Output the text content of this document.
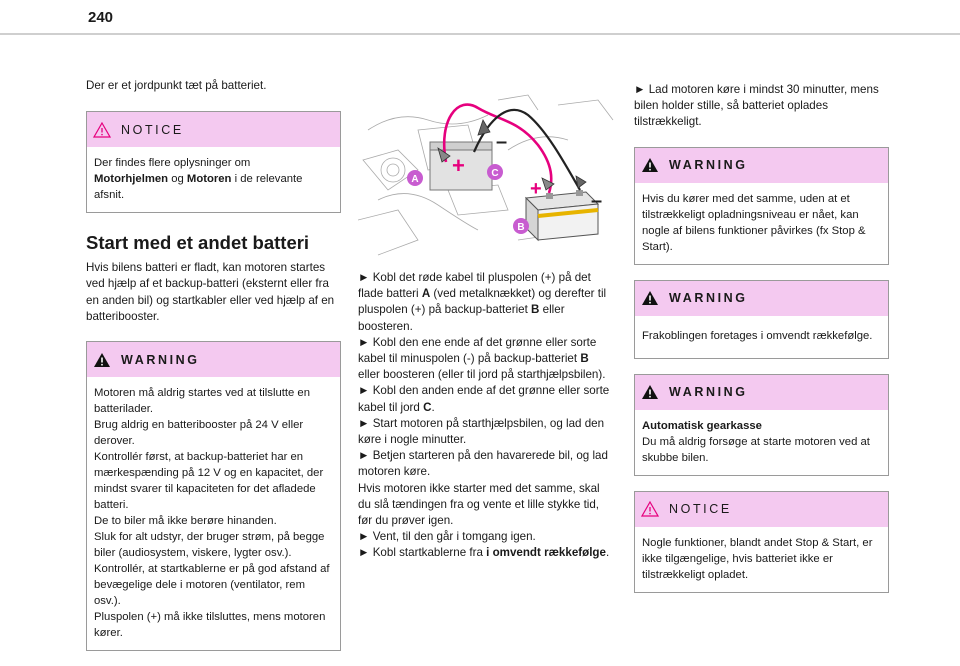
240

Der er et jordpunkt tæt på batteriet.

NOTICE

Der findes flere oplysninger om
Motorhjelmen og Motoren i de relevante afsnit.

Start med et andet batteri

Hvis bilens batteri er fladt, kan motoren startes ved hjælp af et backup-batteri (eksternt eller fra en anden bil) og startkabler eller ved hjælp af en batteribooster.

WARNING

Motoren må aldrig startes ved at tilslutte en batterilader.
Brug aldrig en batteribooster på 24 V eller derover.
Kontrollér først, at backup-batteriet har en mærkespænding på 12 V og en kapacitet, der mindst svarer til kapaciteten for det afladede batteri.
De to biler må ikke berøre hinanden.
Sluk for alt udstyr, der bruger strøm, på begge biler (audiosystem, viskere, lygter osv.).
Kontrollér, at startkablerne er på god afstand af bevægelige dele i motoren (ventilator, rem osv.).
Pluspolen (+) må ikke tilsluttes, mens motoren kører.

+
–
+
–
A
C
B

► Kobl det røde kabel til pluspolen (+) på det flade batteri A (ved metalknækket) og derefter til pluspolen (+) på backup-batteriet B eller boosteren.

► Kobl den ene ende af det grønne eller sorte kabel til minuspolen (-) på backup-batteriet B eller boosteren (eller til jord på starthjælpsbilen).

► Kobl den anden ende af det grønne eller sorte kabel til jord C.

► Start motoren på starthjælpsbilen, og lad den køre i nogle minutter.

► Betjen starteren på den havarerede bil, og lad motoren køre.

Hvis motoren ikke starter med det samme, skal du slå tændingen fra og vente et lille stykke tid, før du prøver igen.

► Vent, til den går i tomgang igen.

► Kobl startkablerne fra i omvendt rækkefølge.

► Lad motoren køre i mindst 30 minutter, mens bilen holder stille, så batteriet oplades tilstrækkeligt.

WARNING

Hvis du kører med det samme, uden at et tilstrækkeligt opladningsniveau er nået, kan nogle af bilens funktioner påvirkes (fx Stop & Start).

WARNING

Frakoblingen foretages i omvendt rækkefølge.

WARNING

Automatisk gearkasse

Du må aldrig forsøge at starte motoren ved at skubbe bilen.

NOTICE

Nogle funktioner, blandt andet Stop & Start, er ikke tilgængelige, hvis batteriet ikke er tilstrækkeligt opladet.
